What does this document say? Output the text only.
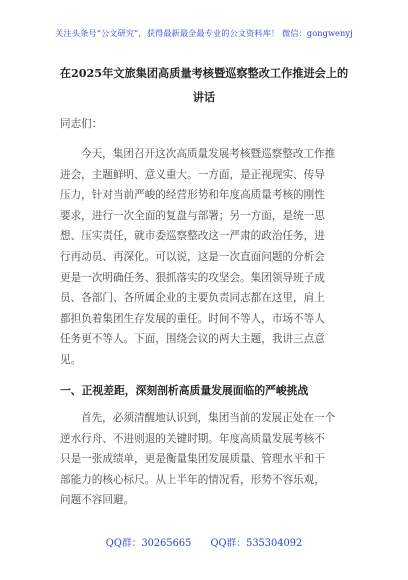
关注头条号“公文研究”，获得最新最全最专业的公文资料库！ 微信：gongwenyj
在2025年文旅集团高质量考核暨巡察整改工作推进会上的
讲话
同志们：
今天，集团召开这次高质量发展考核暨巡察整改工作推
进会，主题鲜明、意义重大。一方面，是正视现实、传导
压力，针对当前严峻的经营形势和年度高质量考核的刚性
要求，进行一次全面的复盘与部署；另一方面，是统一思
想、压实责任，就市委巡察整改这一严肃的政治任务，进
行再动员、再深化。可以说，这是一次直面问题的分析会
更是一次明确任务、狠抓落实的攻坚会。集团领导班子成
员、各部门、各所属企业的主要负责同志都在这里，肩上
都担负着集团生存发展的重任。时间不等人，市场不等人
任务更不等人。下面，围绕会议的两大主题，我讲三点意
见。
一、正视差距，深刻剖析高质量发展面临的严峻挑战
首先，必须清醒地认识到，集团当前的发展正处在一个
逆水行舟、不进则退的关键时期。年度高质量发展考核不
只是一张成绩单，更是衡量集团发展质量、管理水平和干
部能力的核心标尺。从上半年的情况看，形势不容乐观，
问题不容回避。
QQ群：30265665 QQ群：535304092
